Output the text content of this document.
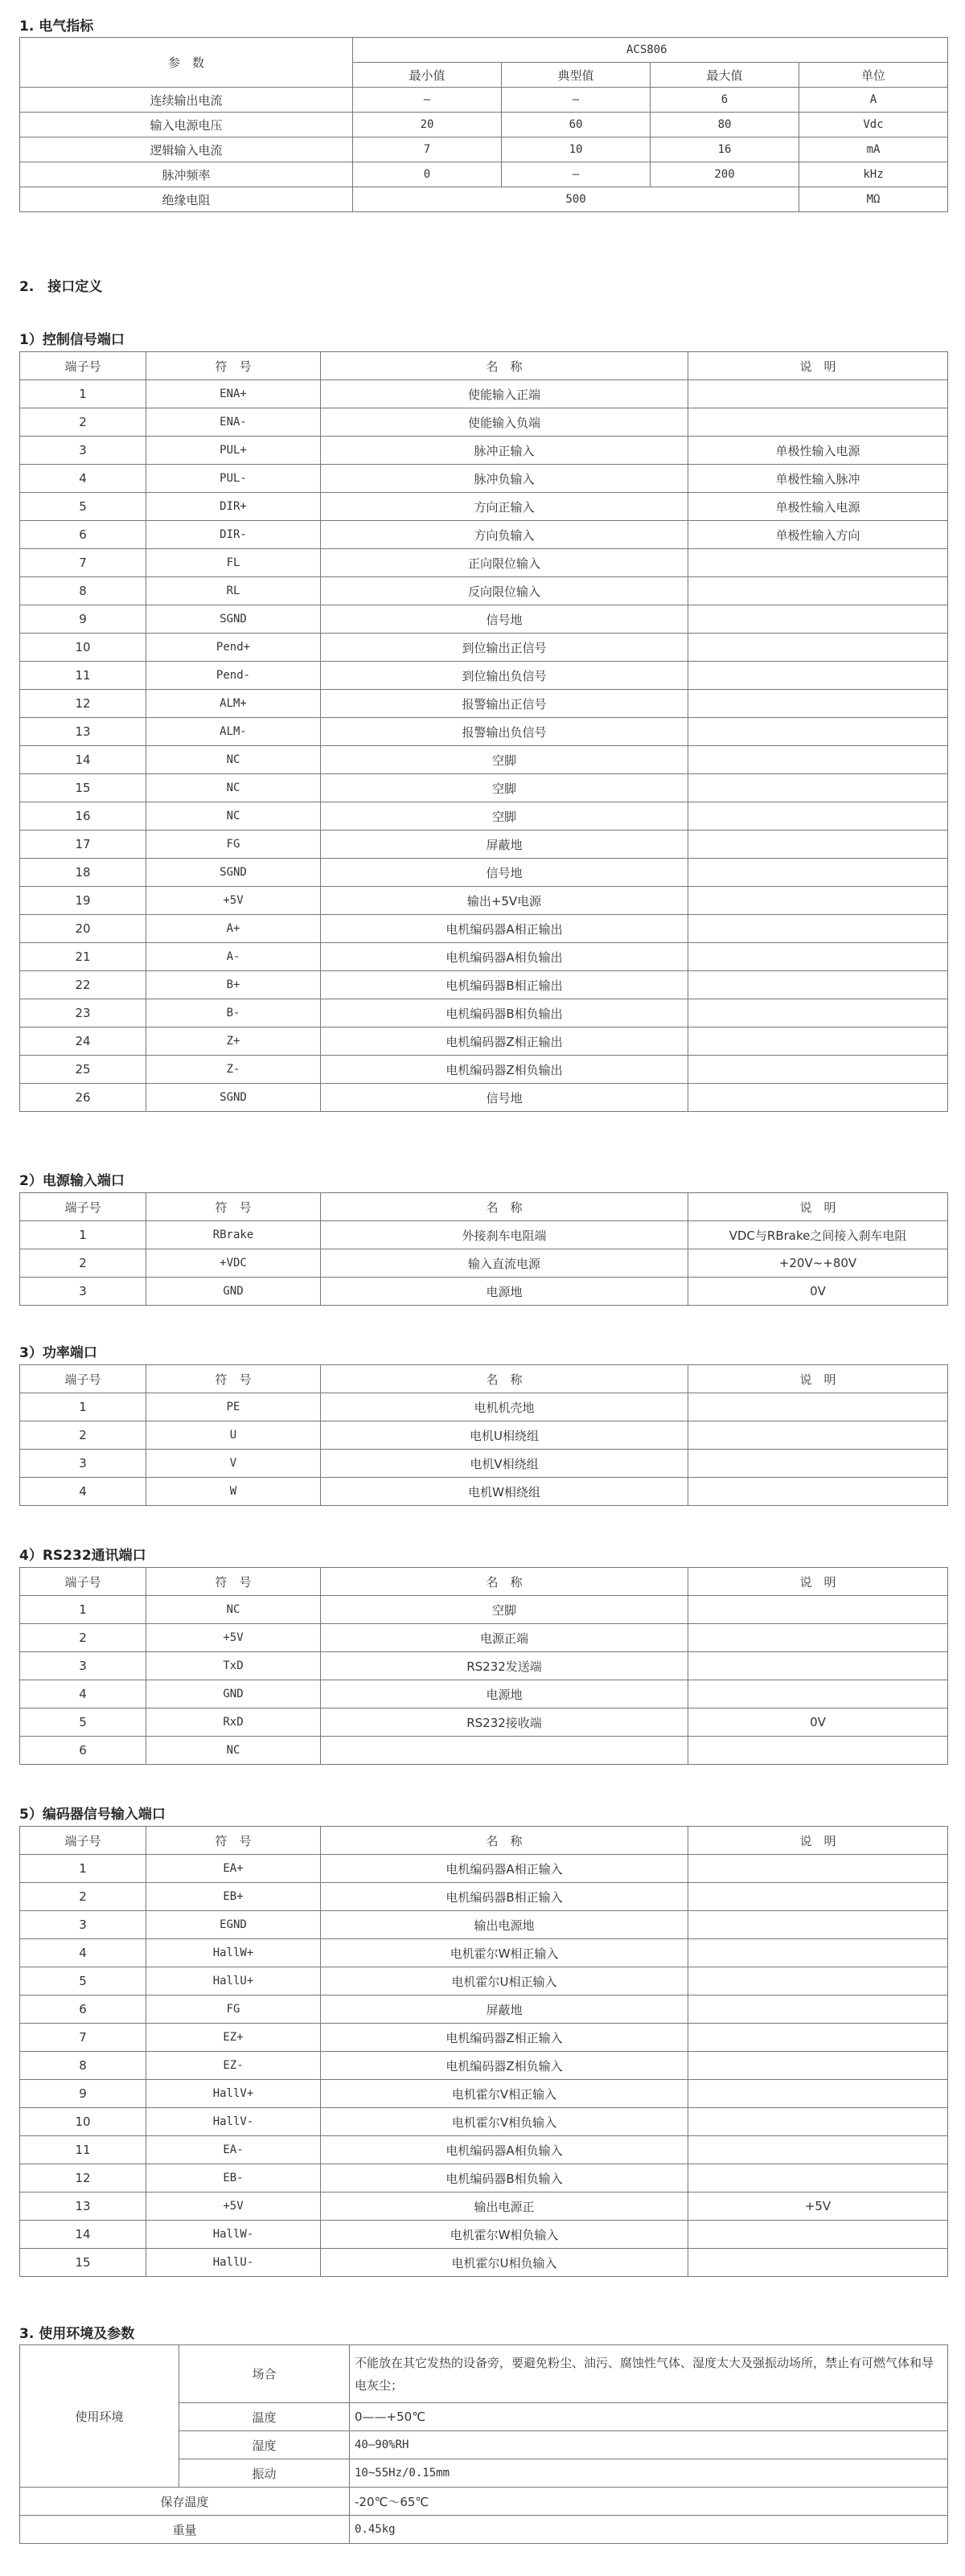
1. 电气指标
参　数	ACS806			
	最小值	典型值	最大值	单位
连续输出电流	–	–	6	A
输入电源电压	20	60	80	Vdc
逻辑输入电流	7	10	16	mA
脉冲频率	0	–	200	kHz
绝缘电阻	500			MΩ
2.　接口定义
1）控制信号端口
端子号	符　号	名　称	说　明
1	ENA+	使能输入正端	
2	ENA-	使能输入负端	
3	PUL+	脉冲正输入	单极性输入电源
4	PUL-	脉冲负输入	单极性输入脉冲
5	DIR+	方向正输入	单极性输入电源
6	DIR-	方向负输入	单极性输入方向
7	FL	正向限位输入	
8	RL	反向限位输入	
9	SGND	信号地	
10	Pend+	到位输出正信号	
11	Pend-	到位输出负信号	
12	ALM+	报警输出正信号	
13	ALM-	报警输出负信号	
14	NC	空脚	
15	NC	空脚	
16	NC	空脚	
17	FG	屏蔽地	
18	SGND	信号地	
19	+5V	输出+5V电源	
20	A+	电机编码器A相正输出	
21	A-	电机编码器A相负输出	
22	B+	电机编码器B相正输出	
23	B-	电机编码器B相负输出	
24	Z+	电机编码器Z相正输出	
25	Z-	电机编码器Z相负输出	
26	SGND	信号地	
2）电源输入端口
端子号	符　号	名　称	说　明
1	RBrake	外接刹车电阻端	VDC与RBrake之间接入刹车电阻
2	+VDC	输入直流电源	+20V~+80V
3	GND	电源地	0V
3）功率端口
端子号	符　号	名　称	说　明
1	PE	电机机壳地	
2	U	电机U相绕组	
3	V	电机V相绕组	
4	W	电机W相绕组	
4）RS232通讯端口
端子号	符　号	名　称	说　明
1	NC	空脚	
2	+5V	电源正端	
3	TxD	RS232发送端	
4	GND	电源地	
5	RxD	RS232接收端	0V
6	NC		
5）编码器信号输入端口
端子号	符　号	名　称	说　明
1	EA+	电机编码器A相正输入	
2	EB+	电机编码器B相正输入	
3	EGND	输出电源地	
4	HallW+	电机霍尔W相正输入	
5	HallU+	电机霍尔U相正输入	
6	FG	屏蔽地	
7	EZ+	电机编码器Z相正输入	
8	EZ-	电机编码器Z相负输入	
9	HallV+	电机霍尔V相正输入	
10	HallV-	电机霍尔V相负输入	
11	EA-	电机编码器A相负输入	
12	EB-	电机编码器B相负输入	
13	+5V	输出电源正	+5V
14	HallW-	电机霍尔W相负输入	
15	HallU-	电机霍尔U相负输入	
3. 使用环境及参数
使用环境	场合	不能放在其它发热的设备旁，要避免粉尘、油污、腐蚀性气体、湿度太大及强振动场所，禁止有可燃气体和导电灰尘；
	温度	0——+50℃
	湿度	40—90%RH
	振动	10~55Hz/0.15mm
保存温度		-20℃～65℃
重量		0.45kg
